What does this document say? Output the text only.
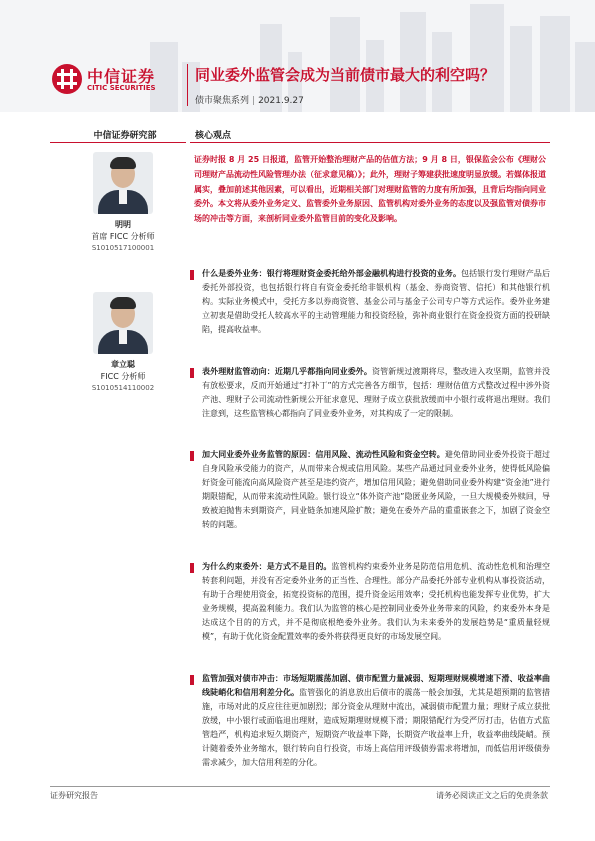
中信证券
CITIC SECURITIES
同业委外监管会成为当前债市最大的利空吗？
债市聚焦系列 | 2021.9.27
中信证券研究部	核心观点
明明
首席 FICC 分析师
S1010517100001
章立聪
FICC 分析师
S1010514110002
证券时报 8 月 25 日报道，监管开始整治理财产品的估值方法；9 月 8 日，银保监会公布《理财公司理财产品流动性风险管理办法（征求意见稿）》；此外，理财子筹建获批速度明显放缓。若媒体报道属实，叠加前述其他因素，可以看出，近期相关部门对理财监管的力度有所加强，且背后均指向同业委外。本文将从委外业务定义、监管委外业务原因、监管机构对委外业务的态度以及强监管对债券市场的冲击等方面，来剖析同业委外监管目前的变化及影响。
什么是委外业务：银行将理财资金委托给外部金融机构进行投资的业务。包括银行发行理财产品后委托外部投资，也包括银行将自有资金委托给非银机构（基金、券商资管、信托）和其他银行机构。实际业务模式中，受托方多以券商资管、基金公司与基金子公司专户等方式运作。委外业务建立初衷是借助受托人较高水平的主动管理能力和投资经验，弥补商业银行在资金投资方面的投研缺陷，提高收益率。
表外理财监管动向：近期几乎都指向同业委外。资管新规过渡期将尽，整改进入攻坚期，监管并没有放松要求，反而开始通过“打补丁”的方式完善各方细节，包括：理财估值方式整改过程中涉外资产池、理财子公司流动性新规公开征求意见、理财子成立获批放缓而中小银行或将退出理财。我们注意到，这些监管核心都指向了同业委外业务，对其构成了一定的限制。
加大同业委外业务监管的原因：信用风险、流动性风险和资金空转。避免借助同业委外投资于超过自身风险承受能力的资产，从而带来合规或信用风险。某些产品通过同业委外业务，使得低风险偏好资金可能流向高风险资产甚至是违约资产，增加信用风险；避免借助同业委外构建“资金池”进行期限错配，从而带来流动性风险。银行设立“体外资产池”隐匿业务风险，一旦大规模委外赎回，导致被迫抛售未到期资产，同业链条加速风险扩散；避免在委外产品的重重嵌套之下，加剧了资金空转的问题。
为什么约束委外：是方式不是目的。监管机构约束委外业务是防范信用危机、流动性危机和治理空转套利问题，并没有否定委外业务的正当性、合理性。部分产品委托外部专业机构从事投资活动，有助于合理使用资金，拓宽投资标的范围，提升资金运用效率；受托机构也能发挥专业优势，扩大业务规模，提高盈利能力。我们认为监管的核心是控制同业委外业务带来的风险，约束委外本身是达成这个目的的方式，并不是彻底根绝委外业务。我们认为未来委外的发展趋势是“重质量轻规模”，有助于优化资金配置效率的委外将获得更良好的市场发展空间。
监管加强对债市冲击：市场短期震荡加剧、债市配置力量减弱、短期理财规模增速下滑、收益率曲线陡峭化和信用利差分化。监管强化的消息放出后债市的震荡一般会加强，尤其是超预期的监管措施，市场对此的反应往往更加剧烈；部分资金从理财中流出，减弱债市配置力量；理财子成立获批放缓，中小银行或面临退出理财，造成短期理财规模下滑；期限错配行为受严厉打击，估值方式监管趋严，机构追求短久期资产，短期资产收益率下降，长期资产收益率上升，收益率曲线陡峭。预计随着委外业务缩水，银行转向自行投资，市场上高信用评级债券需求将增加，而低信用评级债券需求减少，加大信用利差的分化。
证券研究报告	请务必阅读正文之后的免责条款
